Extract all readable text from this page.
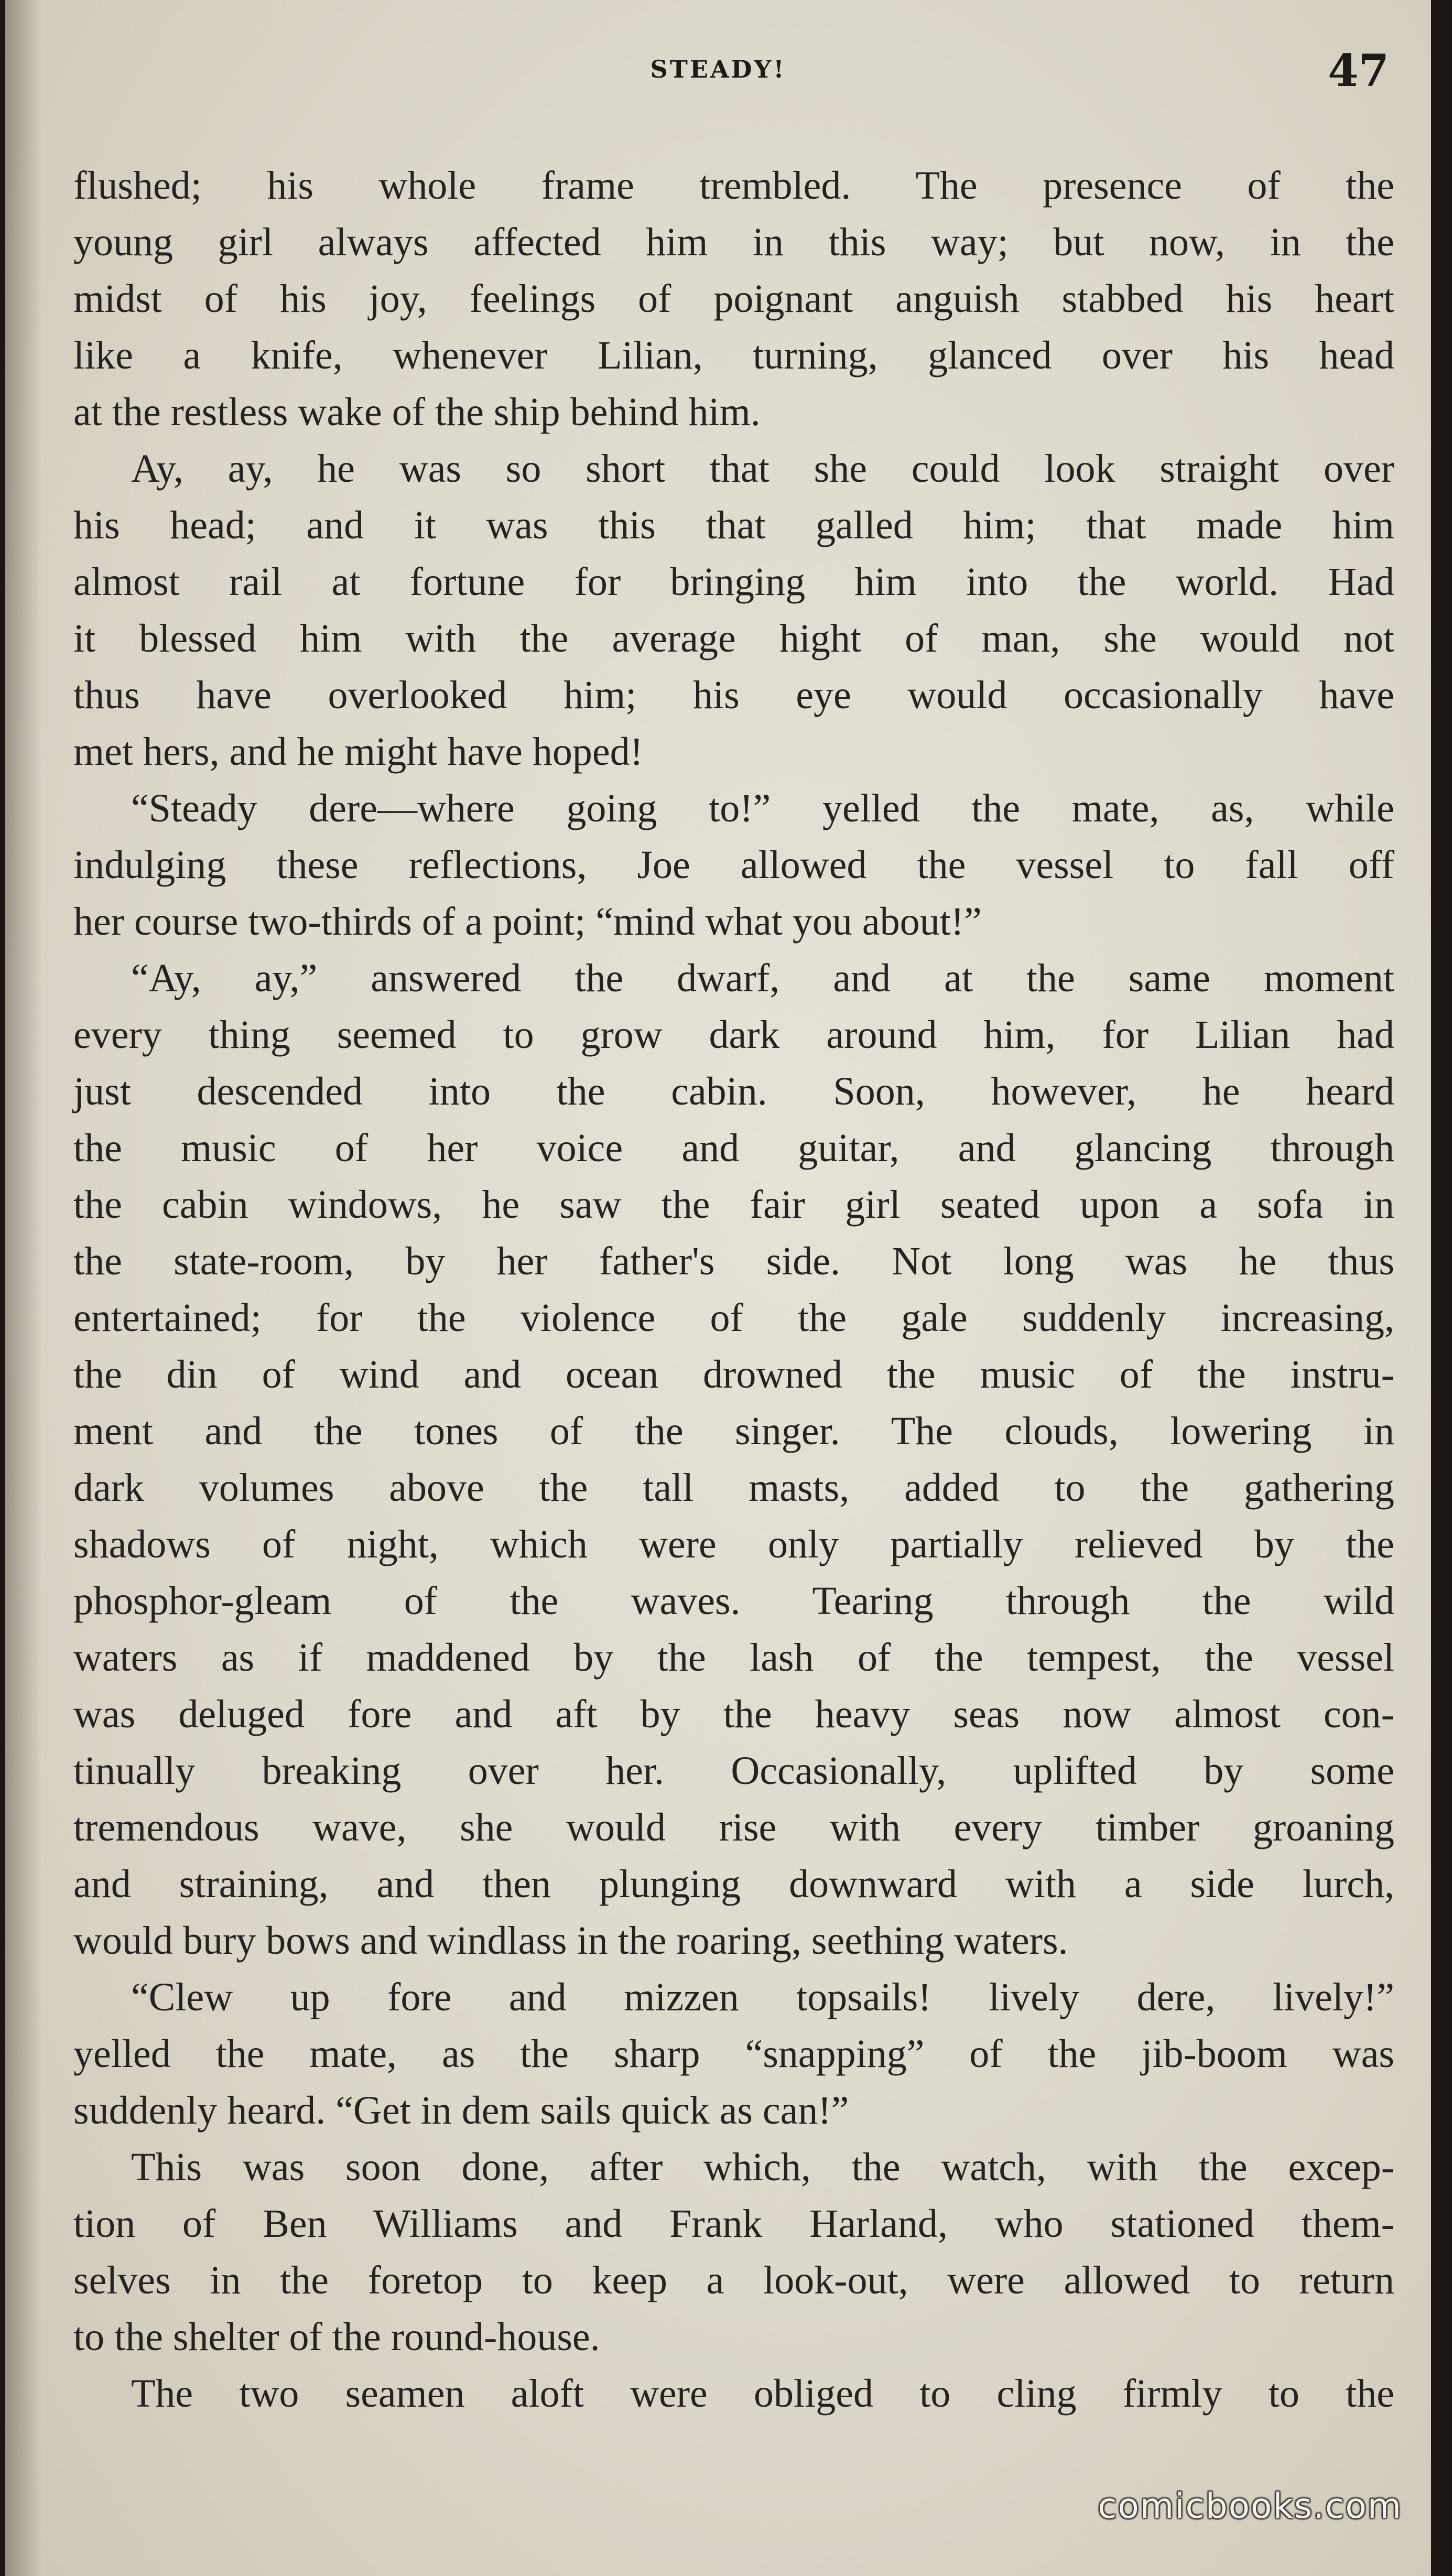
STEADY!	47
flushed; his whole frame trembled. The presence of the
young girl always affected him in this way; but now, in the
midst of his joy, feelings of poignant anguish stabbed his heart
like a knife, whenever Lilian, turning, glanced over his head
at the restless wake of the ship behind him.
Ay, ay, he was so short that she could look straight over
his head; and it was this that galled him; that made him
almost rail at fortune for bringing him into the world. Had
it blessed him with the average hight of man, she would not
thus have overlooked him; his eye would occasionally have
met hers, and he might have hoped!
“Steady dere—where going to!” yelled the mate, as, while
indulging these reflections, Joe allowed the vessel to fall off
her course two-thirds of a point; “mind what you about!”
“Ay, ay,” answered the dwarf, and at the same moment
every thing seemed to grow dark around him, for Lilian had
just descended into the cabin. Soon, however, he heard
the music of her voice and guitar, and glancing through
the cabin windows, he saw the fair girl seated upon a sofa in
the state-room, by her father's side. Not long was he thus
entertained; for the violence of the gale suddenly increasing,
the din of wind and ocean drowned the music of the instru-
ment and the tones of the singer. The clouds, lowering in
dark volumes above the tall masts, added to the gathering
shadows of night, which were only partially relieved by the
phosphor-gleam of the waves. Tearing through the wild
waters as if maddened by the lash of the tempest, the vessel
was deluged fore and aft by the heavy seas now almost con-
tinually breaking over her. Occasionally, uplifted by some
tremendous wave, she would rise with every timber groaning
and straining, and then plunging downward with a side lurch,
would bury bows and windlass in the roaring, seething waters.
“Clew up fore and mizzen topsails! lively dere, lively!”
yelled the mate, as the sharp “snapping” of the jib-boom was
suddenly heard. “Get in dem sails quick as can!”
This was soon done, after which, the watch, with the excep-
tion of Ben Williams and Frank Harland, who stationed them-
selves in the foretop to keep a look-out, were allowed to return
to the shelter of the round-house.
The two seamen aloft were obliged to cling firmly to the
comicbooks.com
